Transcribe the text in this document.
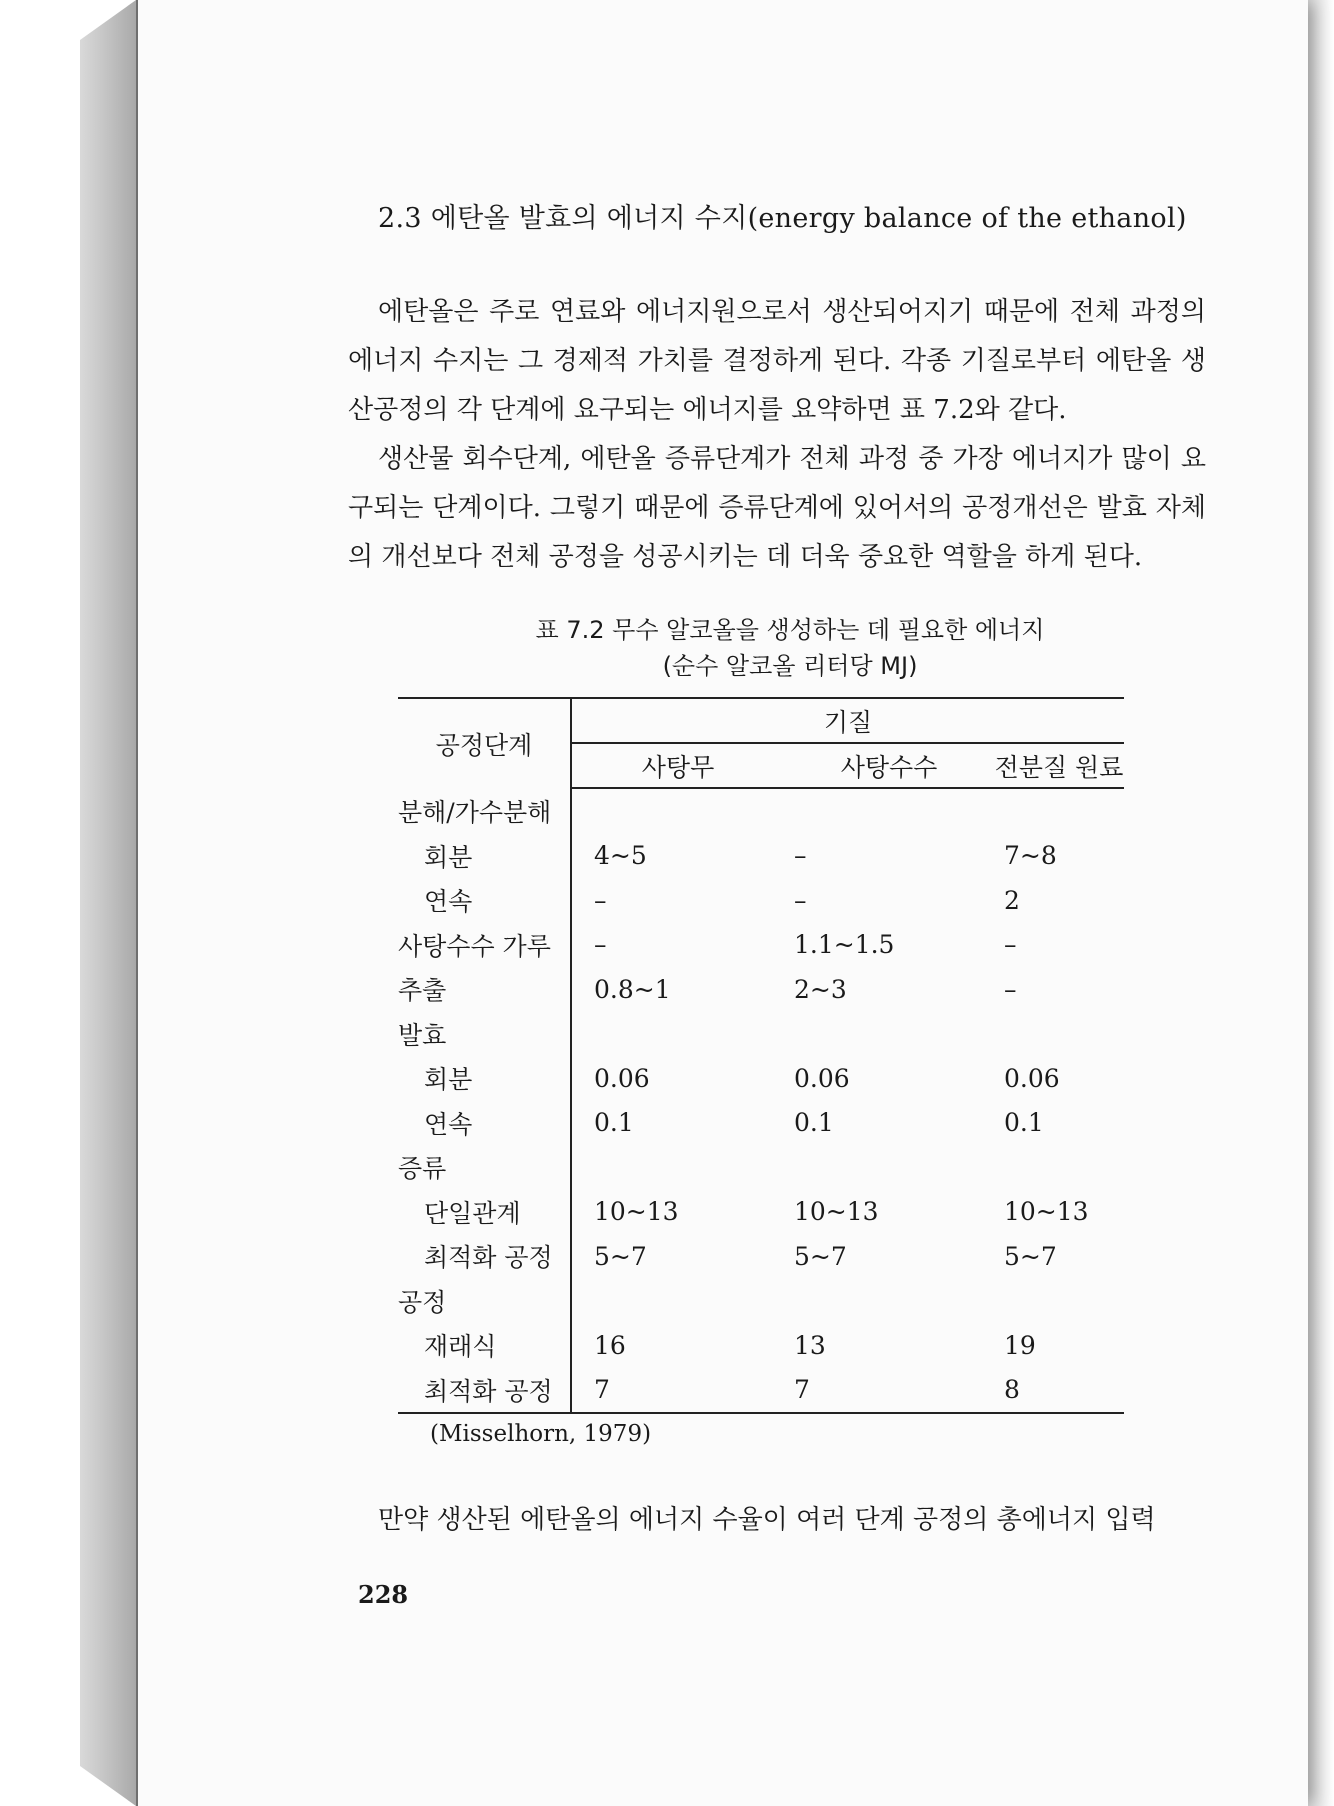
2.3 에탄올 발효의 에너지 수지(energy balance of the ethanol)

에탄올은 주로 연료와 에너지원으로서 생산되어지기 때문에 전체 과정의 에너지 수지는 그 경제적 가치를 결정하게 된다. 각종 기질로부터 에탄올 생산공정의 각 단계에 요구되는 에너지를 요약하면 표 7.2와 같다.

생산물 회수단계, 에탄올 증류단계가 전체 과정 중 가장 에너지가 많이 요구되는 단계이다. 그렇기 때문에 증류단계에 있어서의 공정개선은 발효 자체의 개선보다 전체 공정을 성공시키는 데 더욱 중요한 역할을 하게 된다.

표 7.2 무수 알코올을 생성하는 데 필요한 에너지
(순수 알코올 리터당 MJ)
공정단계	기질		
	사탕무	사탕수수	전분질 원료
분해/가수분해			
회분	4~5	–	7~8
연속	–	–	2
사탕수수 가루	–	1.1~1.5	–
추출	0.8~1	2~3	–
발효			
회분	0.06	0.06	0.06
연속	0.1	0.1	0.1
증류			
단일관계	10~13	10~13	10~13
최적화 공정	5~7	5~7	5~7
공정			
재래식	16	13	19
최적화 공정	7	7	8

(Misselhorn, 1979)

만약 생산된 에탄올의 에너지 수율이 여러 단계 공정의 총에너지 입력

228
